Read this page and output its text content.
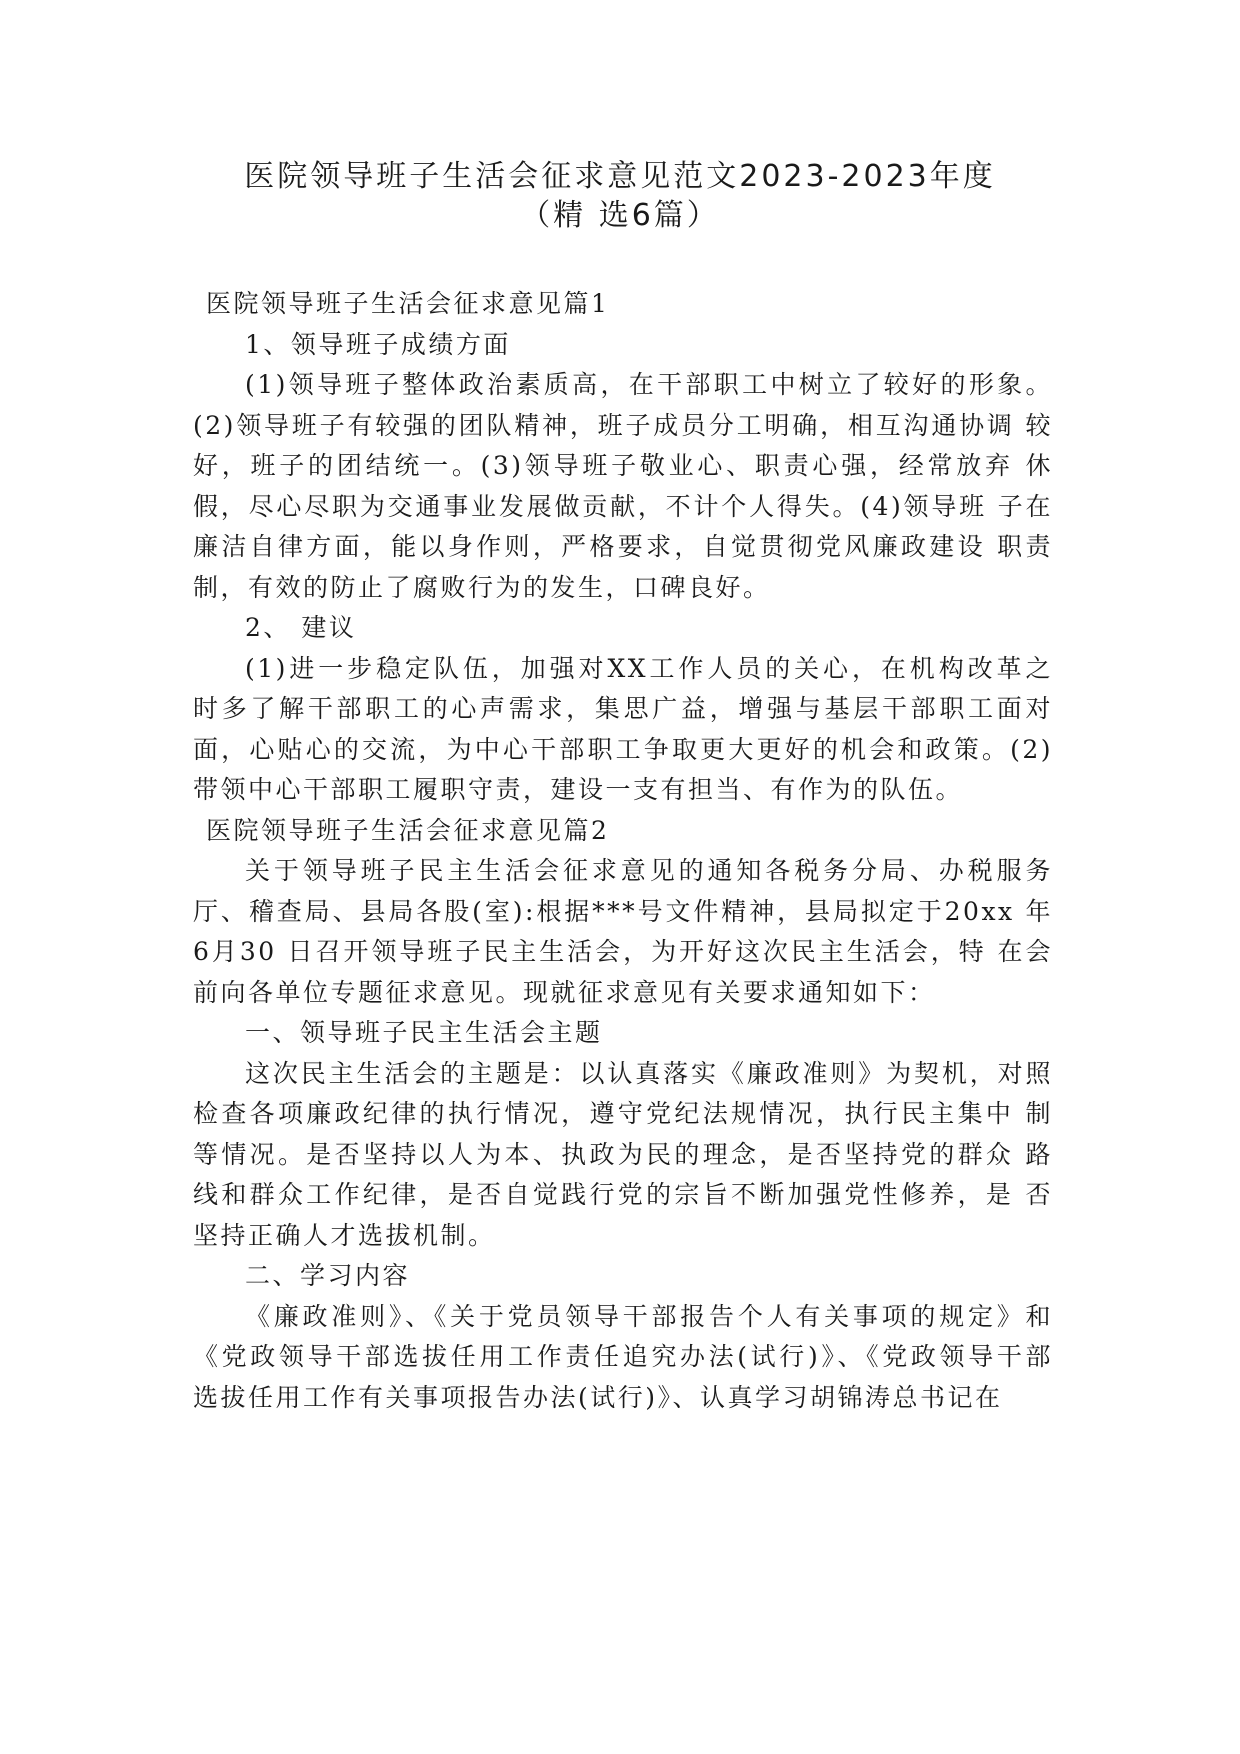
医院领导班子生活会征求意见范文2023-2023年度
（精 选6篇）

医院领导班子生活会征求意见篇1

1、领导班子成绩方面

(1)领导班子整体政治素质高，在干部职工中树立了较好的形象。 (2)领导班子有较强的团队精神，班子成员分工明确，相互沟通协调 较好，班子的团结统一。(3)领导班子敬业心、职责心强，经常放弃 休假，尽心尽职为交通事业发展做贡献，不计个人得失。(4)领导班 子在廉洁自律方面，能以身作则，严格要求，自觉贯彻党风廉政建设 职责制，有效的防止了腐败行为的发生，口碑良好。

2、 建议

(1)进一步稳定队伍，加强对XX工作人员的关心，在机构改革之 时多了解干部职工的心声需求，集思广益，增强与基层干部职工面对 面，心贴心的交流，为中心干部职工争取更大更好的机会和政策。(2) 带领中心干部职工履职守责，建设一支有担当、有作为的队伍。

医院领导班子生活会征求意见篇2

关于领导班子民主生活会征求意见的通知各税务分局、办税服务厅、稽查局、县局各股(室):根据***号文件精神，县局拟定于20xx 年6月30 日召开领导班子民主生活会，为开好这次民主生活会，特 在会前向各单位专题征求意见。现就征求意见有关要求通知如下：

一、领导班子民主生活会主题

这次民主生活会的主题是：以认真落实《廉政准则》为契机，对照检查各项廉政纪律的执行情况，遵守党纪法规情况，执行民主集中 制等情况。是否坚持以人为本、执政为民的理念，是否坚持党的群众 路线和群众工作纪律，是否自觉践行党的宗旨不断加强党性修养，是 否坚持正确人才选拔机制。

二、学习内容

《廉政准则》、《关于党员领导干部报告个人有关事项的规定》和《党政领导干部选拔任用工作责任追究办法(试行)》、《党政领导干部 选拔任用工作有关事项报告办法(试行)》、认真学习胡锦涛总书记在
